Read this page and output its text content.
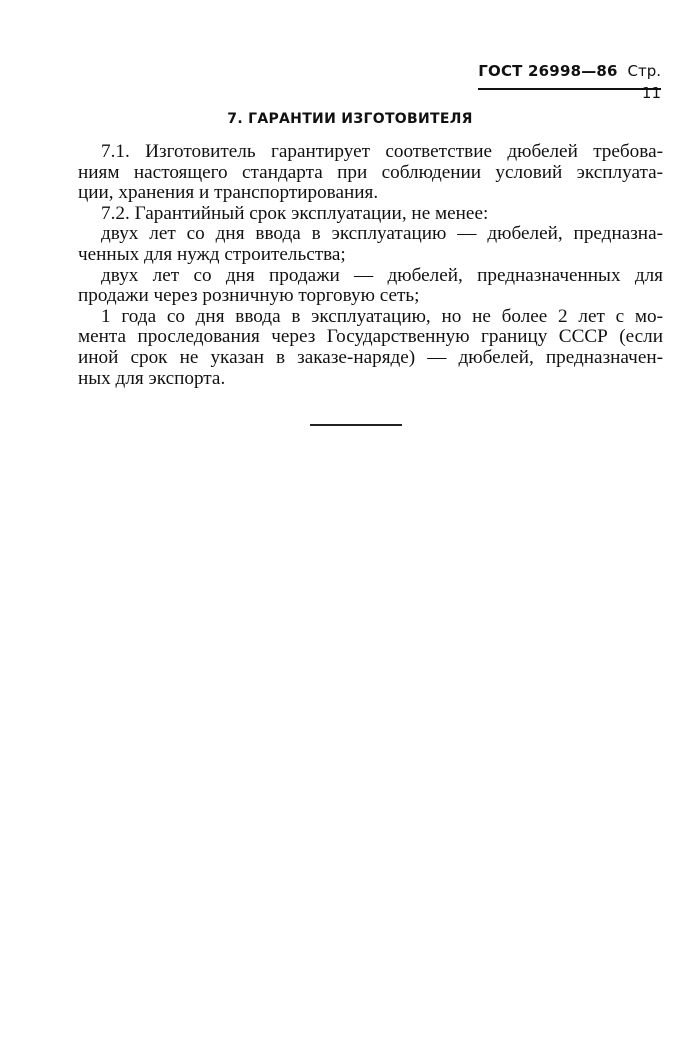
ГОСТ 26998—86 Стр. 11
7. ГАРАНТИИ ИЗГОТОВИТЕЛЯ
7.1. Изготовитель гарантирует соответствие дюбелей требова-
ниям настоящего стандарта при соблюдении условий эксплуата-
ции, хранения и транспортирования.
7.2. Гарантийный срок эксплуатации, не менее:
двух лет со дня ввода в эксплуатацию — дюбелей, предназна-
ченных для нужд строительства;
двух лет со дня продажи — дюбелей, предназначенных для
продажи через розничную торговую сеть;
1 года со дня ввода в эксплуатацию, но не более 2 лет с мо-
мента проследования через Государственную границу СССР (если
иной срок не указан в заказе-наряде) — дюбелей, предназначен-
ных для экспорта.
